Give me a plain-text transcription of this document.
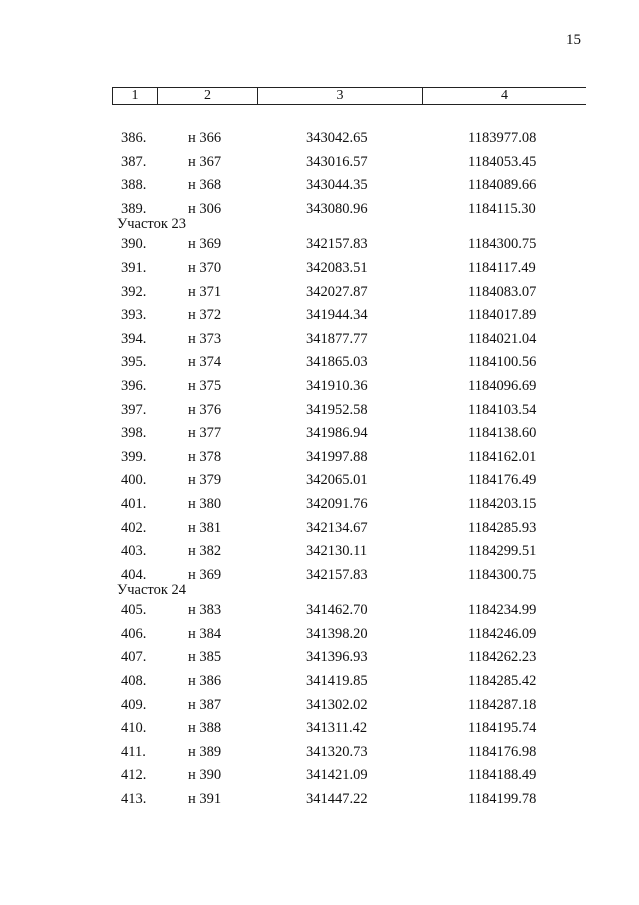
15
1	2	3	4
386.	н 366	343042.65	1183977.08
387.	н 367	343016.57	1184053.45
388.	н 368	343044.35	1184089.66
389.	н 306	343080.96	1184115.30
Участок 23
390.	н 369	342157.83	1184300.75
391.	н 370	342083.51	1184117.49
392.	н 371	342027.87	1184083.07
393.	н 372	341944.34	1184017.89
394.	н 373	341877.77	1184021.04
395.	н 374	341865.03	1184100.56
396.	н 375	341910.36	1184096.69
397.	н 376	341952.58	1184103.54
398.	н 377	341986.94	1184138.60
399.	н 378	341997.88	1184162.01
400.	н 379	342065.01	1184176.49
401.	н 380	342091.76	1184203.15
402.	н 381	342134.67	1184285.93
403.	н 382	342130.11	1184299.51
404.	н 369	342157.83	1184300.75
Участок 24
405.	н 383	341462.70	1184234.99
406.	н 384	341398.20	1184246.09
407.	н 385	341396.93	1184262.23
408.	н 386	341419.85	1184285.42
409.	н 387	341302.02	1184287.18
410.	н 388	341311.42	1184195.74
411.	н 389	341320.73	1184176.98
412.	н 390	341421.09	1184188.49
413.	н 391	341447.22	1184199.78
